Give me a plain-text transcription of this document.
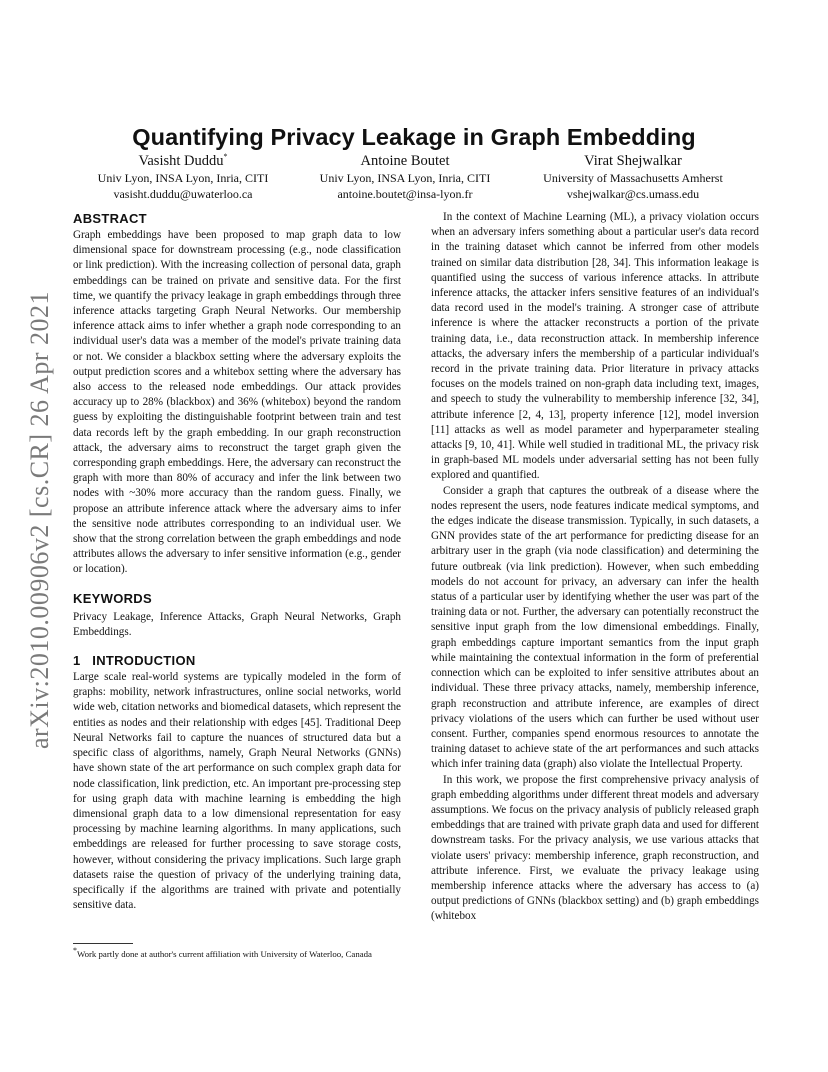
arXiv:2010.00906v2 [cs.CR] 26 Apr 2021
Quantifying Privacy Leakage in Graph Embedding
Vasisht Duddu*
Univ Lyon, INSA Lyon, Inria, CITI
vasisht.duddu@uwaterloo.ca
Antoine Boutet
Univ Lyon, INSA Lyon, Inria, CITI
antoine.boutet@insa-lyon.fr
Virat Shejwalkar
University of Massachusetts Amherst
vshejwalkar@cs.umass.edu
ABSTRACT

Graph embeddings have been proposed to map graph data to low dimensional space for downstream processing (e.g., node classification or link prediction). With the increasing collection of personal data, graph embeddings can be trained on private and sensitive data. For the first time, we quantify the privacy leakage in graph embeddings through three inference attacks targeting Graph Neural Networks. Our membership inference attack aims to infer whether a graph node corresponding to an individual user's data was a member of the model's private training data or not. We consider a blackbox setting where the adversary exploits the output prediction scores and a whitebox setting where the adversary has also access to the released node embeddings. Our attack provides accuracy up to 28% (blackbox) and 36% (whitebox) beyond the random guess by exploiting the distinguishable footprint between train and test data records left by the graph embedding. In our graph reconstruction attack, the adversary aims to reconstruct the target graph given the corresponding graph embeddings. Here, the adversary can reconstruct the graph with more than 80% of accuracy and infer the link between two nodes with ~30% more accuracy than the random guess. Finally, we propose an attribute inference attack where the adversary aims to infer the sensitive node attributes corresponding to an individual user. We show that the strong correlation between the graph embeddings and node attributes allows the adversary to infer sensitive information (e.g., gender or location).

KEYWORDS

Privacy Leakage, Inference Attacks, Graph Neural Networks, Graph Embeddings.

1 INTRODUCTION

Large scale real-world systems are typically modeled in the form of graphs: mobility, network infrastructures, online social networks, world wide web, citation networks and biomedical datasets, which represent the entities as nodes and their relationship with edges [45]. Traditional Deep Neural Networks fail to capture the nuances of structured data but a specific class of algorithms, namely, Graph Neural Networks (GNNs) have shown state of the art performance on such complex graph data for node classification, link prediction, etc. An important pre-processing step for using graph data with machine learning is embedding the high dimensional graph data to a low dimensional representation for easy processing by machine learning algorithms. In many applications, such embeddings are released for further processing to save storage costs, however, without considering the privacy implications. Such large graph datasets raise the question of privacy of the underlying training data, specifically if the algorithms are trained with private and potentially sensitive data.

*Work partly done at author's current affiliation with University of Waterloo, Canada

In the context of Machine Learning (ML), a privacy violation occurs when an adversary infers something about a particular user's data record in the training dataset which cannot be inferred from other models trained on similar data distribution [28, 34]. This information leakage is quantified using the success of various inference attacks. In attribute inference attacks, the attacker infers sensitive features of an individual's data record used in the model's training. A stronger case of attribute inference is where the attacker reconstructs a portion of the private training data, i.e., data reconstruction attack. In membership inference attacks, the adversary infers the membership of a particular individual's record in the private training data. Prior literature in privacy attacks focuses on the models trained on non-graph data including text, images, and speech to study the vulnerability to membership inference [32, 34], attribute inference [2, 4, 13], property inference [12], model inversion [11] attacks as well as model parameter and hyperparameter stealing attacks [9, 10, 41]. While well studied in traditional ML, the privacy risk in graph-based ML models under adversarial setting has not been fully explored and quantified.

Consider a graph that captures the outbreak of a disease where the nodes represent the users, node features indicate medical symptoms, and the edges indicate the disease transmission. Typically, in such datasets, a GNN provides state of the art performance for predicting disease for an arbitrary user in the graph (via node classification) and determining the future outbreak (via link prediction). However, when such embedding models do not account for privacy, an adversary can infer the health status of a particular user by identifying whether the user was part of the training data or not. Further, the adversary can potentially reconstruct the sensitive input graph from the low dimensional embeddings. Finally, graph embeddings capture important semantics from the input graph while maintaining the contextual information in the form of preferential connection which can be exploited to infer sensitive attributes about an individual. These three privacy attacks, namely, membership inference, graph reconstruction and attribute inference, are examples of direct privacy violations of the users which can further be used without user consent. Further, companies spend enormous resources to annotate the training dataset to achieve state of the art performances and such attacks which infer training data (graph) also violate the Intellectual Property.

In this work, we propose the first comprehensive privacy analysis of graph embedding algorithms under different threat models and adversary assumptions. We focus on the privacy analysis of publicly released graph embeddings that are trained with private graph data and used for different downstream tasks. For the privacy analysis, we use various attacks that violate users' privacy: membership inference, graph reconstruction, and attribute inference. First, we evaluate the privacy leakage using membership inference attacks where the adversary has access to (a) output predictions of GNNs (blackbox setting) and (b) graph embeddings (whitebox
